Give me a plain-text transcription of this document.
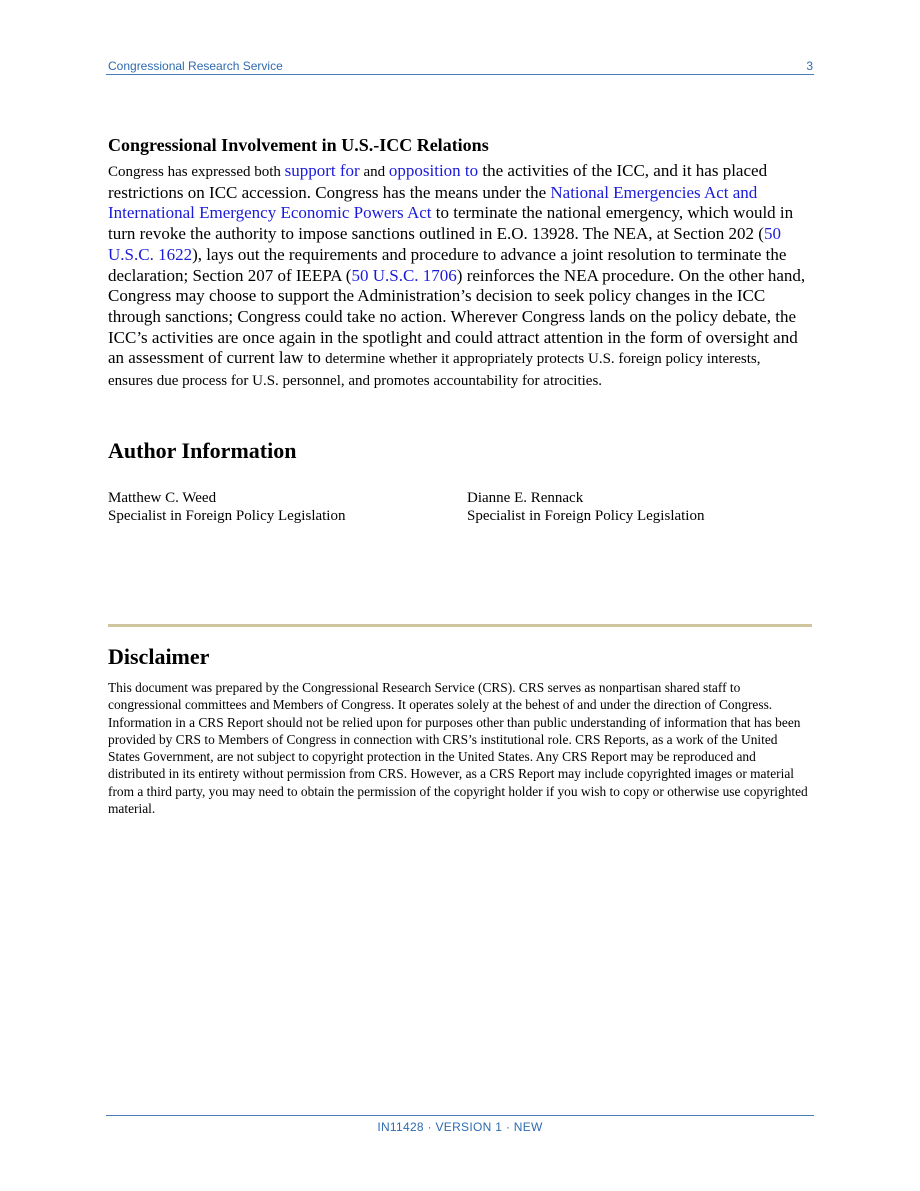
Congressional Research Service	3
Congressional Involvement in U.S.-ICC Relations
Congress has expressed both support for and opposition to the activities of the ICC, and it has placed restrictions on ICC accession. Congress has the means under the National Emergencies Act and International Emergency Economic Powers Act to terminate the national emergency, which would in turn revoke the authority to impose sanctions outlined in E.O. 13928. The NEA, at Section 202 (50 U.S.C. 1622), lays out the requirements and procedure to advance a joint resolution to terminate the declaration; Section 207 of IEEPA (50 U.S.C. 1706) reinforces the NEA procedure. On the other hand, Congress may choose to support the Administration’s decision to seek policy changes in the ICC through sanctions; Congress could take no action. Wherever Congress lands on the policy debate, the ICC’s activities are once again in the spotlight and could attract attention in the form of oversight and an assessment of current law to determine whether it appropriately protects U.S. foreign policy interests, ensures due process for U.S. personnel, and promotes accountability for atrocities.
Author Information
Matthew C. Weed
Specialist in Foreign Policy Legislation
Dianne E. Rennack
Specialist in Foreign Policy Legislation
Disclaimer
This document was prepared by the Congressional Research Service (CRS). CRS serves as nonpartisan shared staff to congressional committees and Members of Congress. It operates solely at the behest of and under the direction of Congress. Information in a CRS Report should not be relied upon for purposes other than public understanding of information that has been provided by CRS to Members of Congress in connection with CRS’s institutional role. CRS Reports, as a work of the United States Government, are not subject to copyright protection in the United States. Any CRS Report may be reproduced and distributed in its entirety without permission from CRS. However, as a CRS Report may include copyrighted images or material from a third party, you may need to obtain the permission of the copyright holder if you wish to copy or otherwise use copyrighted material.
IN11428 · VERSION 1 · NEW
